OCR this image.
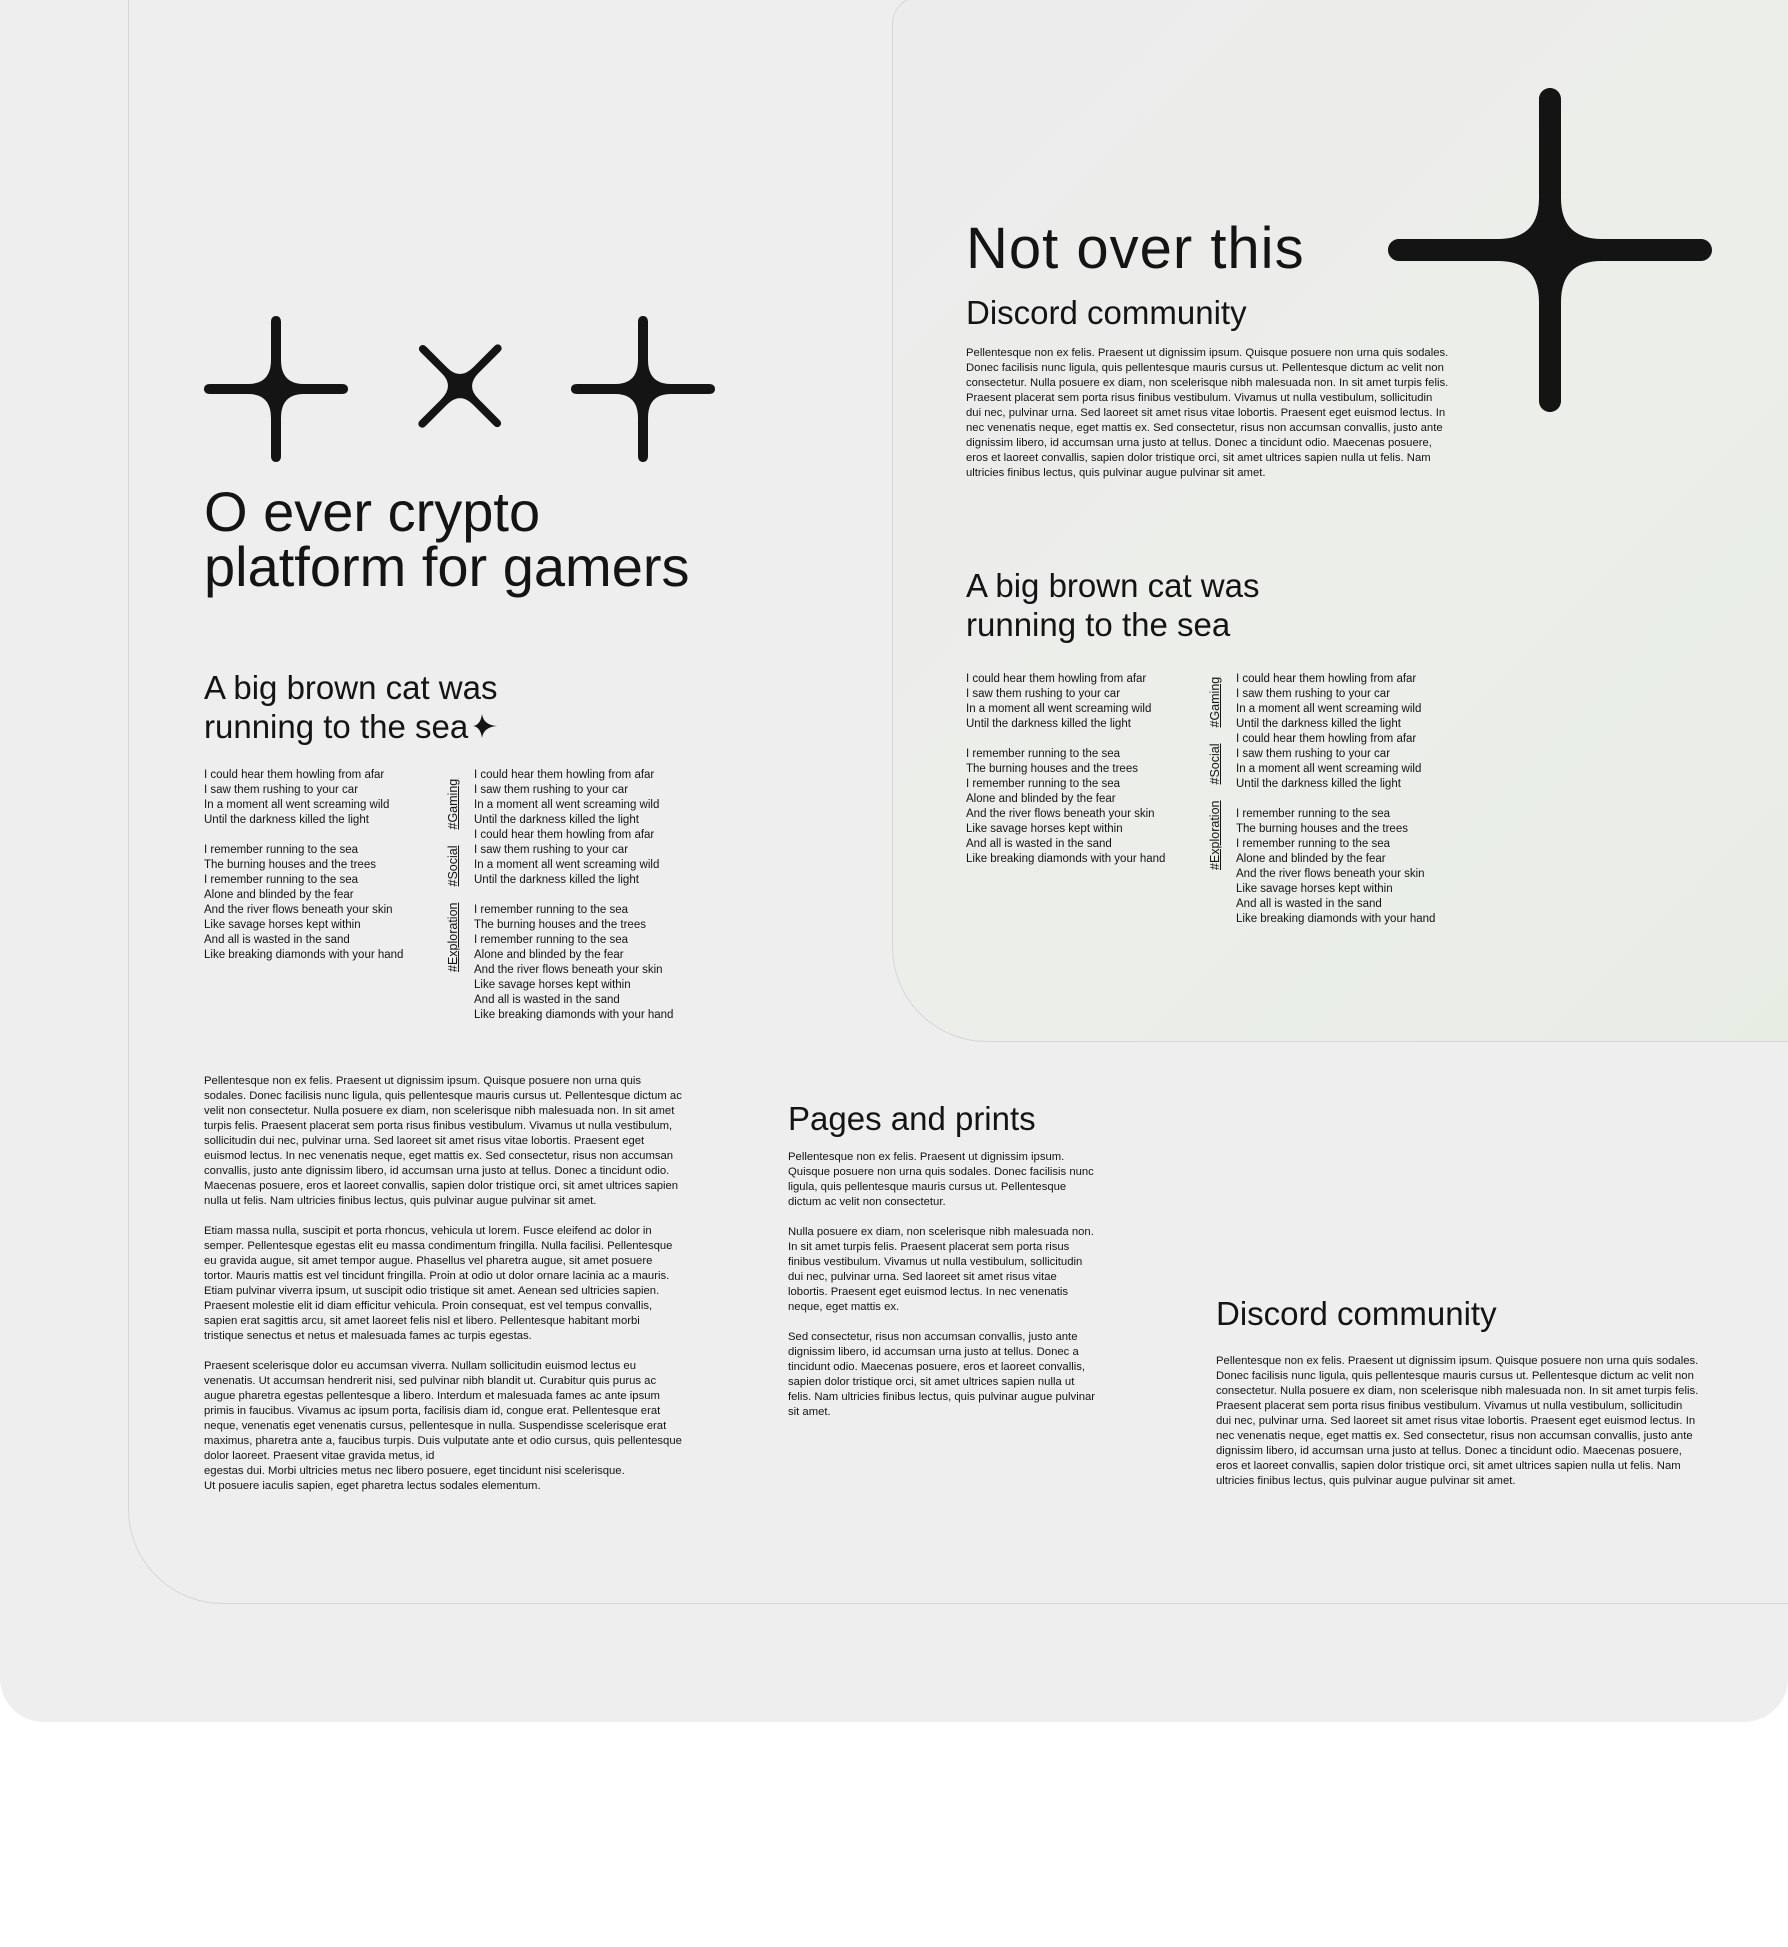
O ever crypto
platform for gamers
A big brown cat was
running to the sea
I could hear them howling from afar
I saw them rushing to your car
In a moment all went screaming wild
Until the darkness killed the light
I remember running to the sea
The burning houses and the trees
I remember running to the sea
Alone and blinded by the fear
And the river flows beneath your skin
Like savage horses kept within
And all is wasted in the sand
Like breaking diamonds with your hand	#Exploration#Social#Gaming
I could hear them howling from afar
I saw them rushing to your car
In a moment all went screaming wild
Until the darkness killed the light
I could hear them howling from afar
I saw them rushing to your car
In a moment all went screaming wild
Until the darkness killed the light
I remember running to the sea
The burning houses and the trees
I remember running to the sea
Alone and blinded by the fear
And the river flows beneath your skin
Like savage horses kept within
And all is wasted in the sand
Like breaking diamonds with your hand

Pellentesque non ex felis. Praesent ut dignissim ipsum. Quisque posuere non urna quis sodales. Donec facilisis nunc ligula, quis pellentesque mauris cursus ut. Pellentesque dictum ac velit non consectetur. Nulla posuere ex diam, non scelerisque nibh malesuada non. In sit amet turpis felis. Praesent placerat sem porta risus finibus vestibulum. Vivamus ut nulla vestibulum, sollicitudin dui nec, pulvinar urna. Sed laoreet sit amet risus vitae lobortis. Praesent eget euismod lectus. In nec venenatis neque, eget mattis ex. Sed consectetur, risus non accumsan convallis, justo ante dignissim libero, id accumsan urna justo at tellus. Donec a tincidunt odio. Maecenas posuere, eros et laoreet convallis, sapien dolor tristique orci, sit amet ultrices sapien nulla ut felis. Nam ultricies finibus lectus, quis pulvinar augue pulvinar sit amet.

Etiam massa nulla, suscipit et porta rhoncus, vehicula ut lorem. Fusce eleifend ac dolor in semper. Pellentesque egestas elit eu massa condimentum fringilla. Nulla facilisi. Pellentesque eu gravida augue, sit amet tempor augue. Phasellus vel pharetra augue, sit amet posuere tortor. Mauris mattis est vel tincidunt fringilla. Proin at odio ut dolor ornare lacinia ac a mauris. Etiam pulvinar viverra ipsum, ut suscipit odio tristique sit amet. Aenean sed ultricies sapien. Praesent molestie elit id diam efficitur vehicula. Proin consequat, est vel tempus convallis, sapien erat sagittis arcu, sit amet laoreet felis nisl et libero. Pellentesque habitant morbi tristique senectus et netus et malesuada fames ac turpis egestas.

Praesent scelerisque dolor eu accumsan viverra. Nullam sollicitudin euismod lectus eu venenatis. Ut accumsan hendrerit nisi, sed pulvinar nibh blandit ut. Curabitur quis purus ac augue pharetra egestas pellentesque a libero. Interdum et malesuada fames ac ante ipsum primis in faucibus. Vivamus ac ipsum porta, facilisis diam id, congue erat. Pellentesque erat neque, venenatis eget venenatis cursus, pellentesque in nulla. Suspendisse scelerisque erat maximus, pharetra ante a, faucibus turpis. Duis vulputate ante et odio cursus, quis pellentesque dolor laoreet. Praesent vitae gravida metus, id
egestas dui. Morbi ultricies metus nec libero posuere, eget tincidunt nisi scelerisque.
Ut posuere iaculis sapien, eget pharetra lectus sodales elementum.

Not over this
Discord community

Pellentesque non ex felis. Praesent ut dignissim ipsum. Quisque posuere non urna quis sodales. Donec facilisis nunc ligula, quis pellentesque mauris cursus ut. Pellentesque dictum ac velit non consectetur. Nulla posuere ex diam, non scelerisque nibh malesuada non. In sit amet turpis felis. Praesent placerat sem porta risus finibus vestibulum. Vivamus ut nulla vestibulum, sollicitudin dui nec, pulvinar urna. Sed laoreet sit amet risus vitae lobortis. Praesent eget euismod lectus. In nec venenatis neque, eget mattis ex. Sed consectetur, risus non accumsan convallis, justo ante dignissim libero, id accumsan urna justo at tellus. Donec a tincidunt odio. Maecenas posuere, eros et laoreet convallis, sapien dolor tristique orci, sit amet ultrices sapien nulla ut felis. Nam ultricies finibus lectus, quis pulvinar augue pulvinar sit amet.

A big brown cat was
running to the sea
I could hear them howling from afar
I saw them rushing to your car
In a moment all went screaming wild
Until the darkness killed the light
I remember running to the sea
The burning houses and the trees
I remember running to the sea
Alone and blinded by the fear
And the river flows beneath your skin
Like savage horses kept within
And all is wasted in the sand
Like breaking diamonds with your hand	#Exploration#Social#Gaming I could hear them howling from afar
I saw them rushing to your car
In a moment all went screaming wild
Until the darkness killed the light
I could hear them howling from afar
I saw them rushing to your car
In a moment all went screaming wild
Until the darkness killed the light
I remember running to the sea
The burning houses and the trees
I remember running to the sea
Alone and blinded by the fear
And the river flows beneath your skin
Like savage horses kept within
And all is wasted in the sand
Like breaking diamonds with your hand
Pages and prints

Pellentesque non ex felis. Praesent ut dignissim ipsum. Quisque posuere non urna quis sodales. Donec facilisis nunc ligula, quis pellentesque mauris cursus ut. Pellentesque dictum ac velit non consectetur.

Nulla posuere ex diam, non scelerisque nibh malesuada non. In sit amet turpis felis. Praesent placerat sem porta risus finibus vestibulum. Vivamus ut nulla vestibulum, sollicitudin dui nec, pulvinar urna. Sed laoreet sit amet risus vitae lobortis. Praesent eget euismod lectus. In nec venenatis neque, eget mattis ex.

Sed consectetur, risus non accumsan convallis, justo ante dignissim libero, id accumsan urna justo at tellus. Donec a tincidunt odio. Maecenas posuere, eros et laoreet convallis, sapien dolor tristique orci, sit amet ultrices sapien nulla ut felis. Nam ultricies finibus lectus, quis pulvinar augue pulvinar sit amet.

Discord community

Pellentesque non ex felis. Praesent ut dignissim ipsum. Quisque posuere non urna quis sodales. Donec facilisis nunc ligula, quis pellentesque mauris cursus ut. Pellentesque dictum ac velit non consectetur. Nulla posuere ex diam, non scelerisque nibh malesuada non. In sit amet turpis felis. Praesent placerat sem porta risus finibus vestibulum. Vivamus ut nulla vestibulum, sollicitudin dui nec, pulvinar urna. Sed laoreet sit amet risus vitae lobortis. Praesent eget euismod lectus. In nec venenatis neque, eget mattis ex. Sed consectetur, risus non accumsan convallis, justo ante dignissim libero, id accumsan urna justo at tellus. Donec a tincidunt odio. Maecenas posuere, eros et laoreet convallis, sapien dolor tristique orci, sit amet ultrices sapien nulla ut felis. Nam ultricies finibus lectus, quis pulvinar augue pulvinar sit amet.
